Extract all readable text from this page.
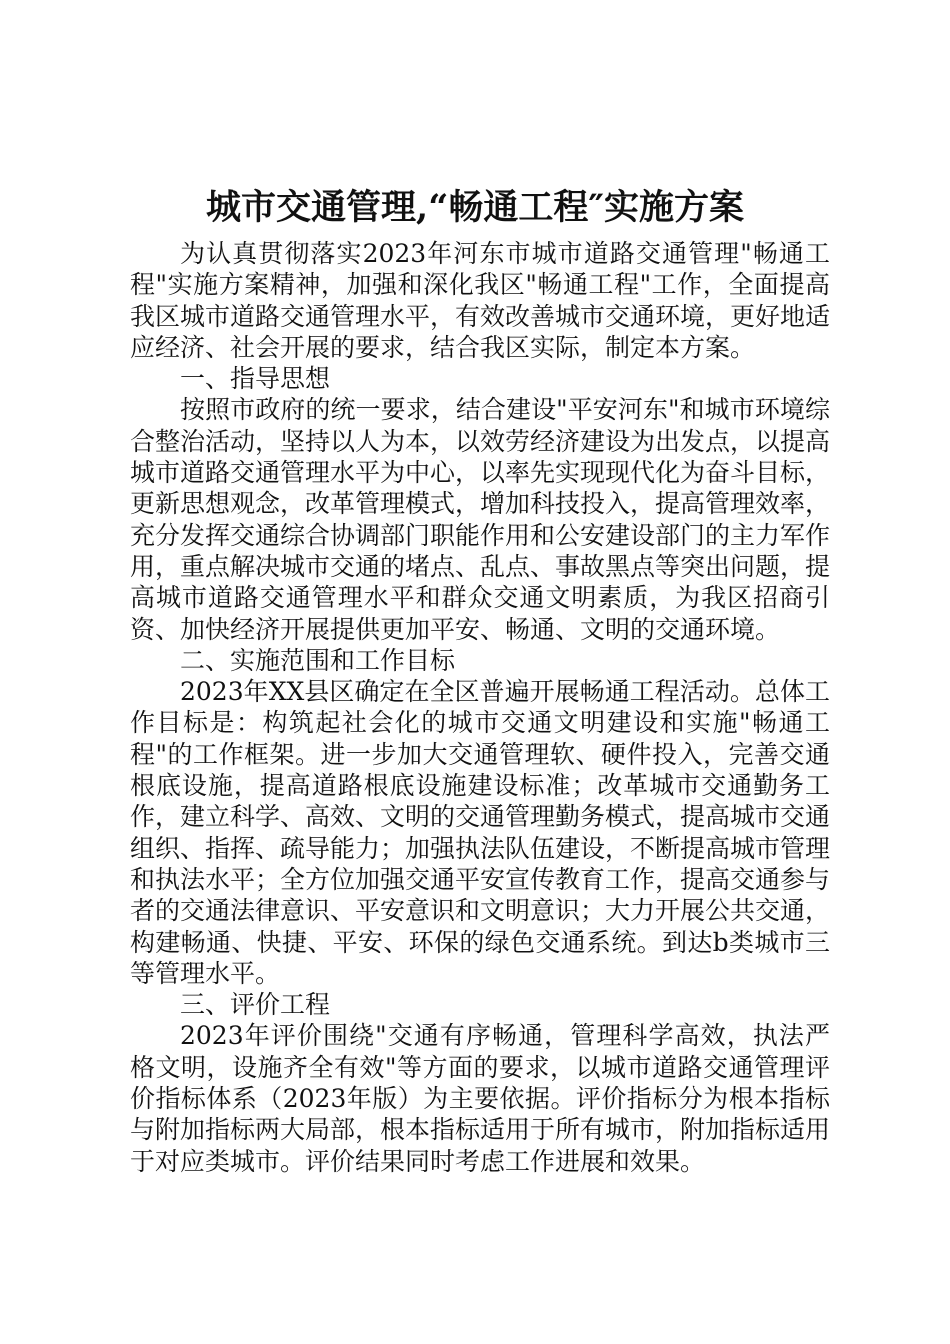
城市交通管理,“畅通工程″实施方案

为认真贯彻落实2023年河东市城市道路交通管理"畅通工程"实施方案精神，加强和深化我区"畅通工程"工作，全面提高我区城市道路交通管理水平，有效改善城市交通环境，更好地适应经济、社会开展的要求，结合我区实际，制定本方案。

一、指导思想

按照市政府的统一要求，结合建设"平安河东"和城市环境综合整治活动，坚持以人为本，以效劳经济建设为出发点，以提高城市道路交通管理水平为中心，以率先实现现代化为奋斗目标，更新思想观念，改革管理模式，增加科技投入，提高管理效率，充分发挥交通综合协调部门职能作用和公安建设部门的主力军作用，重点解决城市交通的堵点、乱点、事故黑点等突出问题，提高城市道路交通管理水平和群众交通文明素质，为我区招商引资、加快经济开展提供更加平安、畅通、文明的交通环境。

二、实施范围和工作目标

2023年XX县区确定在全区普遍开展畅通工程活动。总体工作目标是：构筑起社会化的城市交通文明建设和实施"畅通工程"的工作框架。进一步加大交通管理软、硬件投入，完善交通根底设施，提高道路根底设施建设标准；改革城市交通勤务工作，建立科学、高效、文明的交通管理勤务模式，提高城市交通组织、指挥、疏导能力；加强执法队伍建设，不断提高城市管理和执法水平；全方位加强交通平安宣传教育工作，提高交通参与者的交通法律意识、平安意识和文明意识；大力开展公共交通，构建畅通、快捷、平安、环保的绿色交通系统。到达b类城市三等管理水平。

三、评价工程

2023年评价围绕"交通有序畅通，管理科学高效，执法严格文明，设施齐全有效"等方面的要求，以城市道路交通管理评价指标体系（2023年版）为主要依据。评价指标分为根本指标与附加指标两大局部，根本指标适用于所有城市，附加指标适用于对应类城市。评价结果同时考虑工作进展和效果。
